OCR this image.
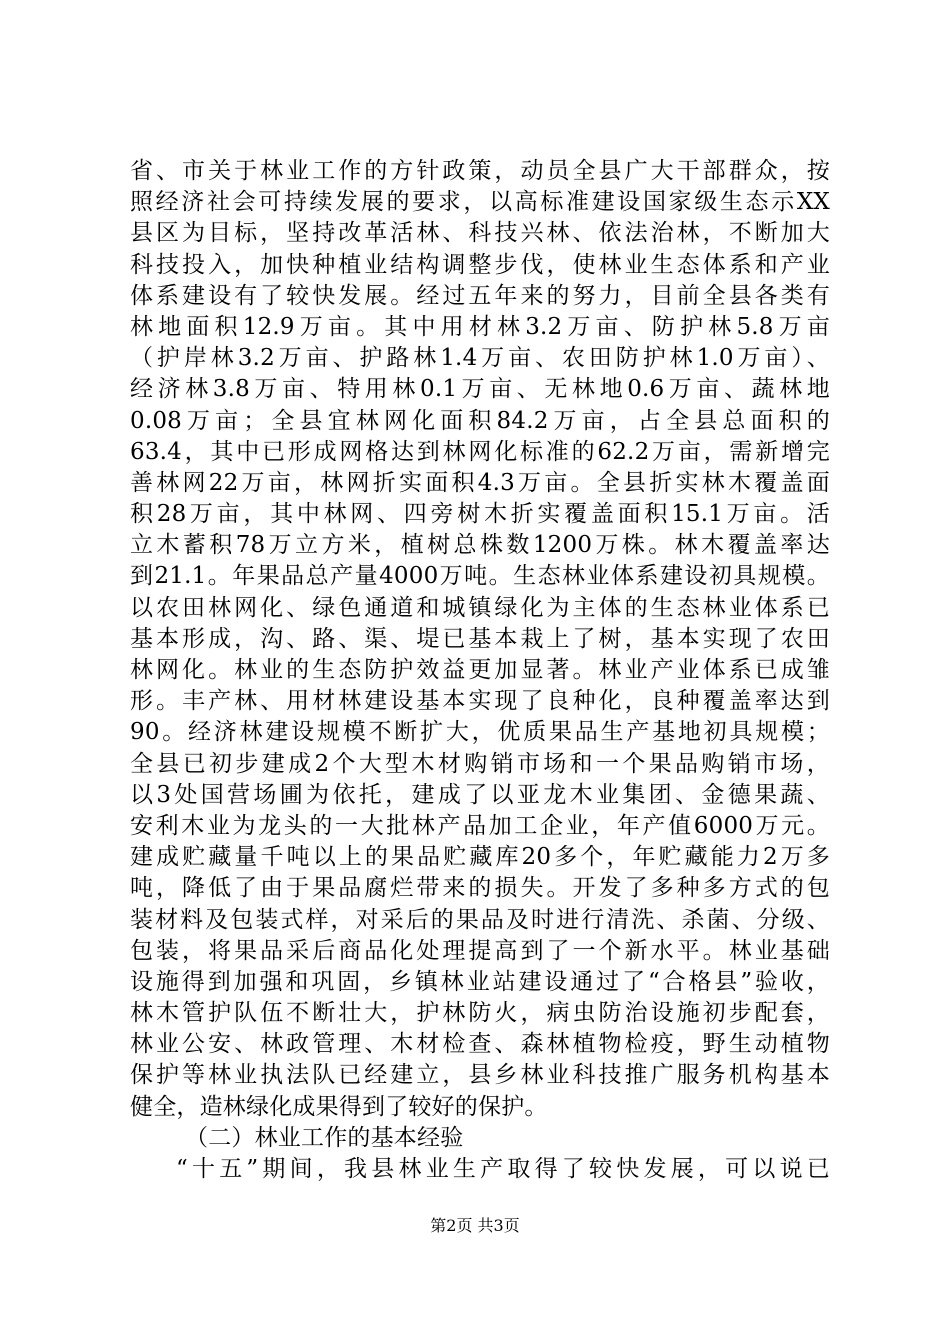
省、市关于林业工作的方针政策，动员全县广大干部群众，按
照经济社会可持续发展的要求，以高标准建设国家级生态示XX
县区为目标，坚持改革活林、科技兴林、依法治林，不断加大
科技投入，加快种植业结构调整步伐，使林业生态体系和产业
体系建设有了较快发展。经过五年来的努力，目前全县各类有
林地面积12.9万亩。其中用材林3.2万亩、防护林5.8万亩
（护岸林3.2万亩、护路林1.4万亩、农田防护林1.0万亩）、
经济林3.8万亩、特用林0.1万亩、无林地0.6万亩、蔬林地
0.08万亩；全县宜林网化面积84.2万亩，占全县总面积的
63.4，其中已形成网格达到林网化标准的62.2万亩，需新增完
善林网22万亩，林网折实面积4.3万亩。全县折实林木覆盖面
积28万亩，其中林网、四旁树木折实覆盖面积15.1万亩。活
立木蓄积78万立方米，植树总株数1200万株。林木覆盖率达
到21.1。年果品总产量4000万吨。生态林业体系建设初具规模。
以农田林网化、绿色通道和城镇绿化为主体的生态林业体系已
基本形成，沟、路、渠、堤已基本栽上了树，基本实现了农田
林网化。林业的生态防护效益更加显著。林业产业体系已成雏
形。丰产林、用材林建设基本实现了良种化，良种覆盖率达到
90。经济林建设规模不断扩大，优质果品生产基地初具规模；
全县已初步建成2个大型木材购销市场和一个果品购销市场，
以3处国营场圃为依托，建成了以亚龙木业集团、金德果蔬、
安利木业为龙头的一大批林产品加工企业，年产值6000万元。
建成贮藏量千吨以上的果品贮藏库20多个，年贮藏能力2万多
吨，降低了由于果品腐烂带来的损失。开发了多种多方式的包
装材料及包装式样，对采后的果品及时进行清洗、杀菌、分级、
包装，将果品采后商品化处理提高到了一个新水平。林业基础
设施得到加强和巩固，乡镇林业站建设通过了“合格县”验收，
林木管护队伍不断壮大，护林防火，病虫防治设施初步配套，
林业公安、林政管理、木材检查、森林植物检疫，野生动植物
保护等林业执法队已经建立，县乡林业科技推广服务机构基本
健全，造林绿化成果得到了较好的保护。
（二）林业工作的基本经验
“十五”期间，我县林业生产取得了较快发展，可以说已
第2页 共3页
